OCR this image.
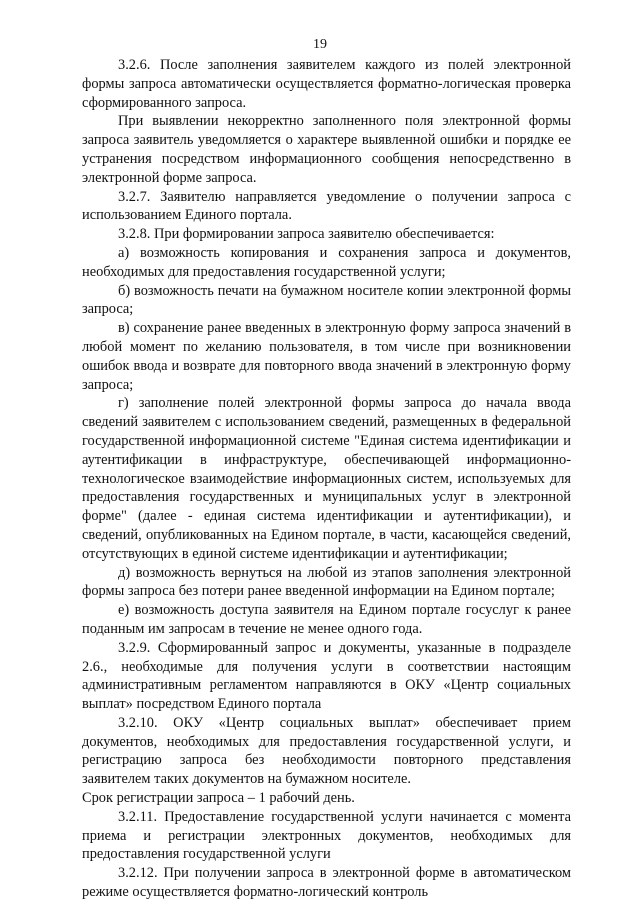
19

3.2.6. После заполнения заявителем каждого из полей электронной формы запроса автоматически осуществляется форматно-логическая проверка сформированного запроса.

При выявлении некорректно заполненного поля электронной формы запроса заявитель уведомляется о характере выявленной ошибки и порядке ее устранения посредством информационного сообщения непосредственно в электронной форме запроса.

3.2.7. Заявителю направляется уведомление о получении запроса с использованием Единого портала.

3.2.8. При формировании запроса заявителю обеспечивается:

а) возможность копирования и сохранения запроса и документов, необходимых для предоставления государственной услуги;

б) возможность печати на бумажном носителе копии электронной формы запроса;

в) сохранение ранее введенных в электронную форму запроса значений в любой момент по желанию пользователя, в том числе при возникновении ошибок ввода и возврате для повторного ввода значений в электронную форму запроса;

г) заполнение полей электронной формы запроса до начала ввода сведений заявителем с использованием сведений, размещенных в федеральной государственной информационной системе "Единая система идентификации и аутентификации в инфраструктуре, обеспечивающей информационно-технологическое взаимодействие информационных систем, используемых для предоставления государственных и муниципальных услуг в электронной форме" (далее - единая система идентификации и аутентификации), и сведений, опубликованных на Едином портале, в части, касающейся сведений, отсутствующих в единой системе идентификации и аутентификации;

д) возможность вернуться на любой из этапов заполнения электронной формы запроса без потери ранее введенной информации на Едином портале;

е) возможность доступа заявителя на Едином портале госуслуг к ранее поданным им запросам в течение не менее одного года.

3.2.9. Сформированный запрос и документы, указанные в подразделе 2.6., необходимые для получения услуги в соответствии настоящим административным регламентом направляются в ОКУ «Центр социальных выплат» посредством Единого портала

3.2.10. ОКУ «Центр социальных выплат» обеспечивает прием документов, необходимых для предоставления государственной услуги, и регистрацию запроса без необходимости повторного представления заявителем таких документов на бумажном носителе.

Срок регистрации запроса – 1 рабочий день.

3.2.11. Предоставление государственной услуги начинается с момента приема и регистрации электронных документов, необходимых для предоставления государственной услуги

3.2.12. При получении запроса в электронной форме в автоматическом режиме осуществляется форматно-логический контроль
